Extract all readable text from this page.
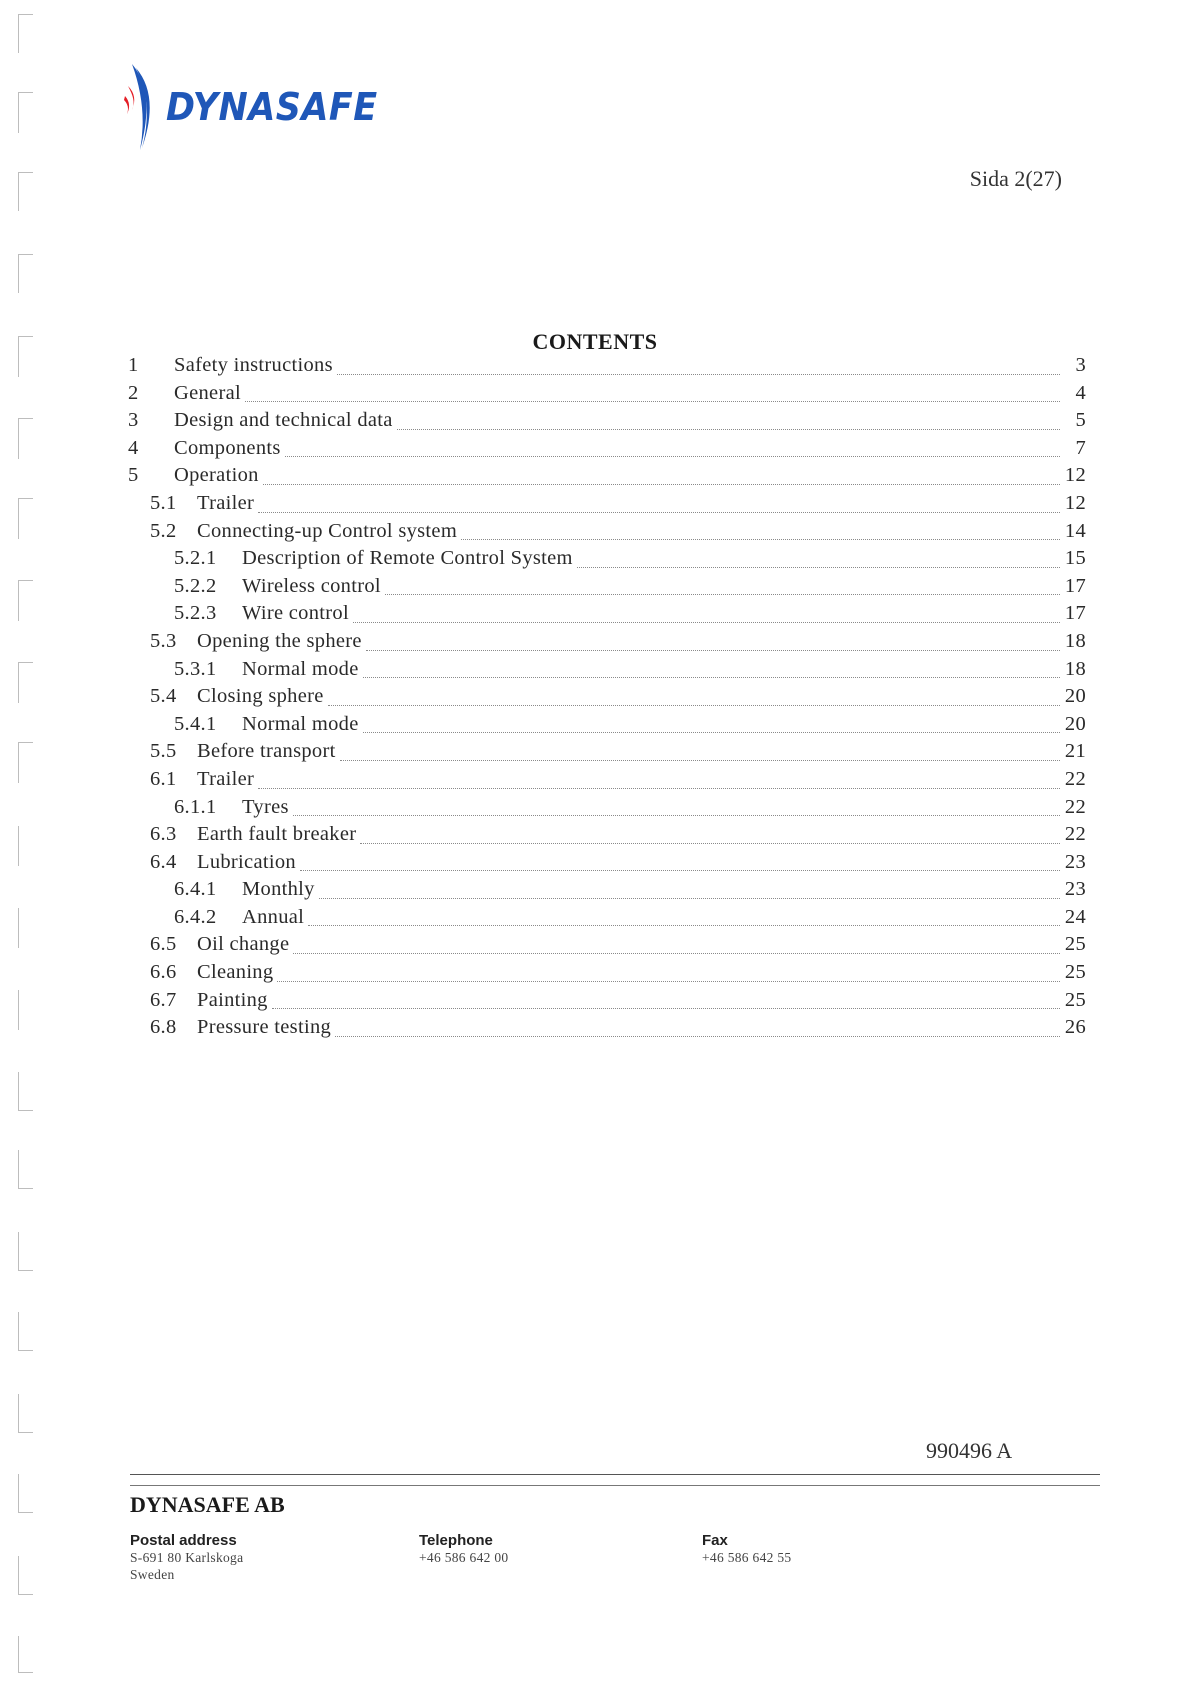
DYNASAFE
Sida 2(27)
CONTENTS
1	Safety instructions	3
2	General	4
3	Design and technical data	5
4	Components	7
5	Operation	12
5.1 Trailer	12
5.2 Connecting-up Control system	14
5.2.1	Description of Remote Control System	15
5.2.2	Wireless control	17
5.2.3	Wire control	17
5.3 Opening the sphere	18
5.3.1	Normal mode	18
5.4 Closing sphere	20
5.4.1	Normal mode	20
5.5 Before transport	21
6.1 Trailer	22
6.1.1	Tyres	22
6.3 Earth fault breaker	22
6.4 Lubrication	23
6.4.1	Monthly	23
6.4.2	Annual	24
6.5 Oil change	25
6.6 Cleaning	25
6.7 Painting	25
6.8 Pressure testing	26
990496 A
DYNASAFE AB
Postal address
S-691 80 Karlskoga
Sweden
Telephone
+46 586 642 00
Fax
+46 586 642 55
